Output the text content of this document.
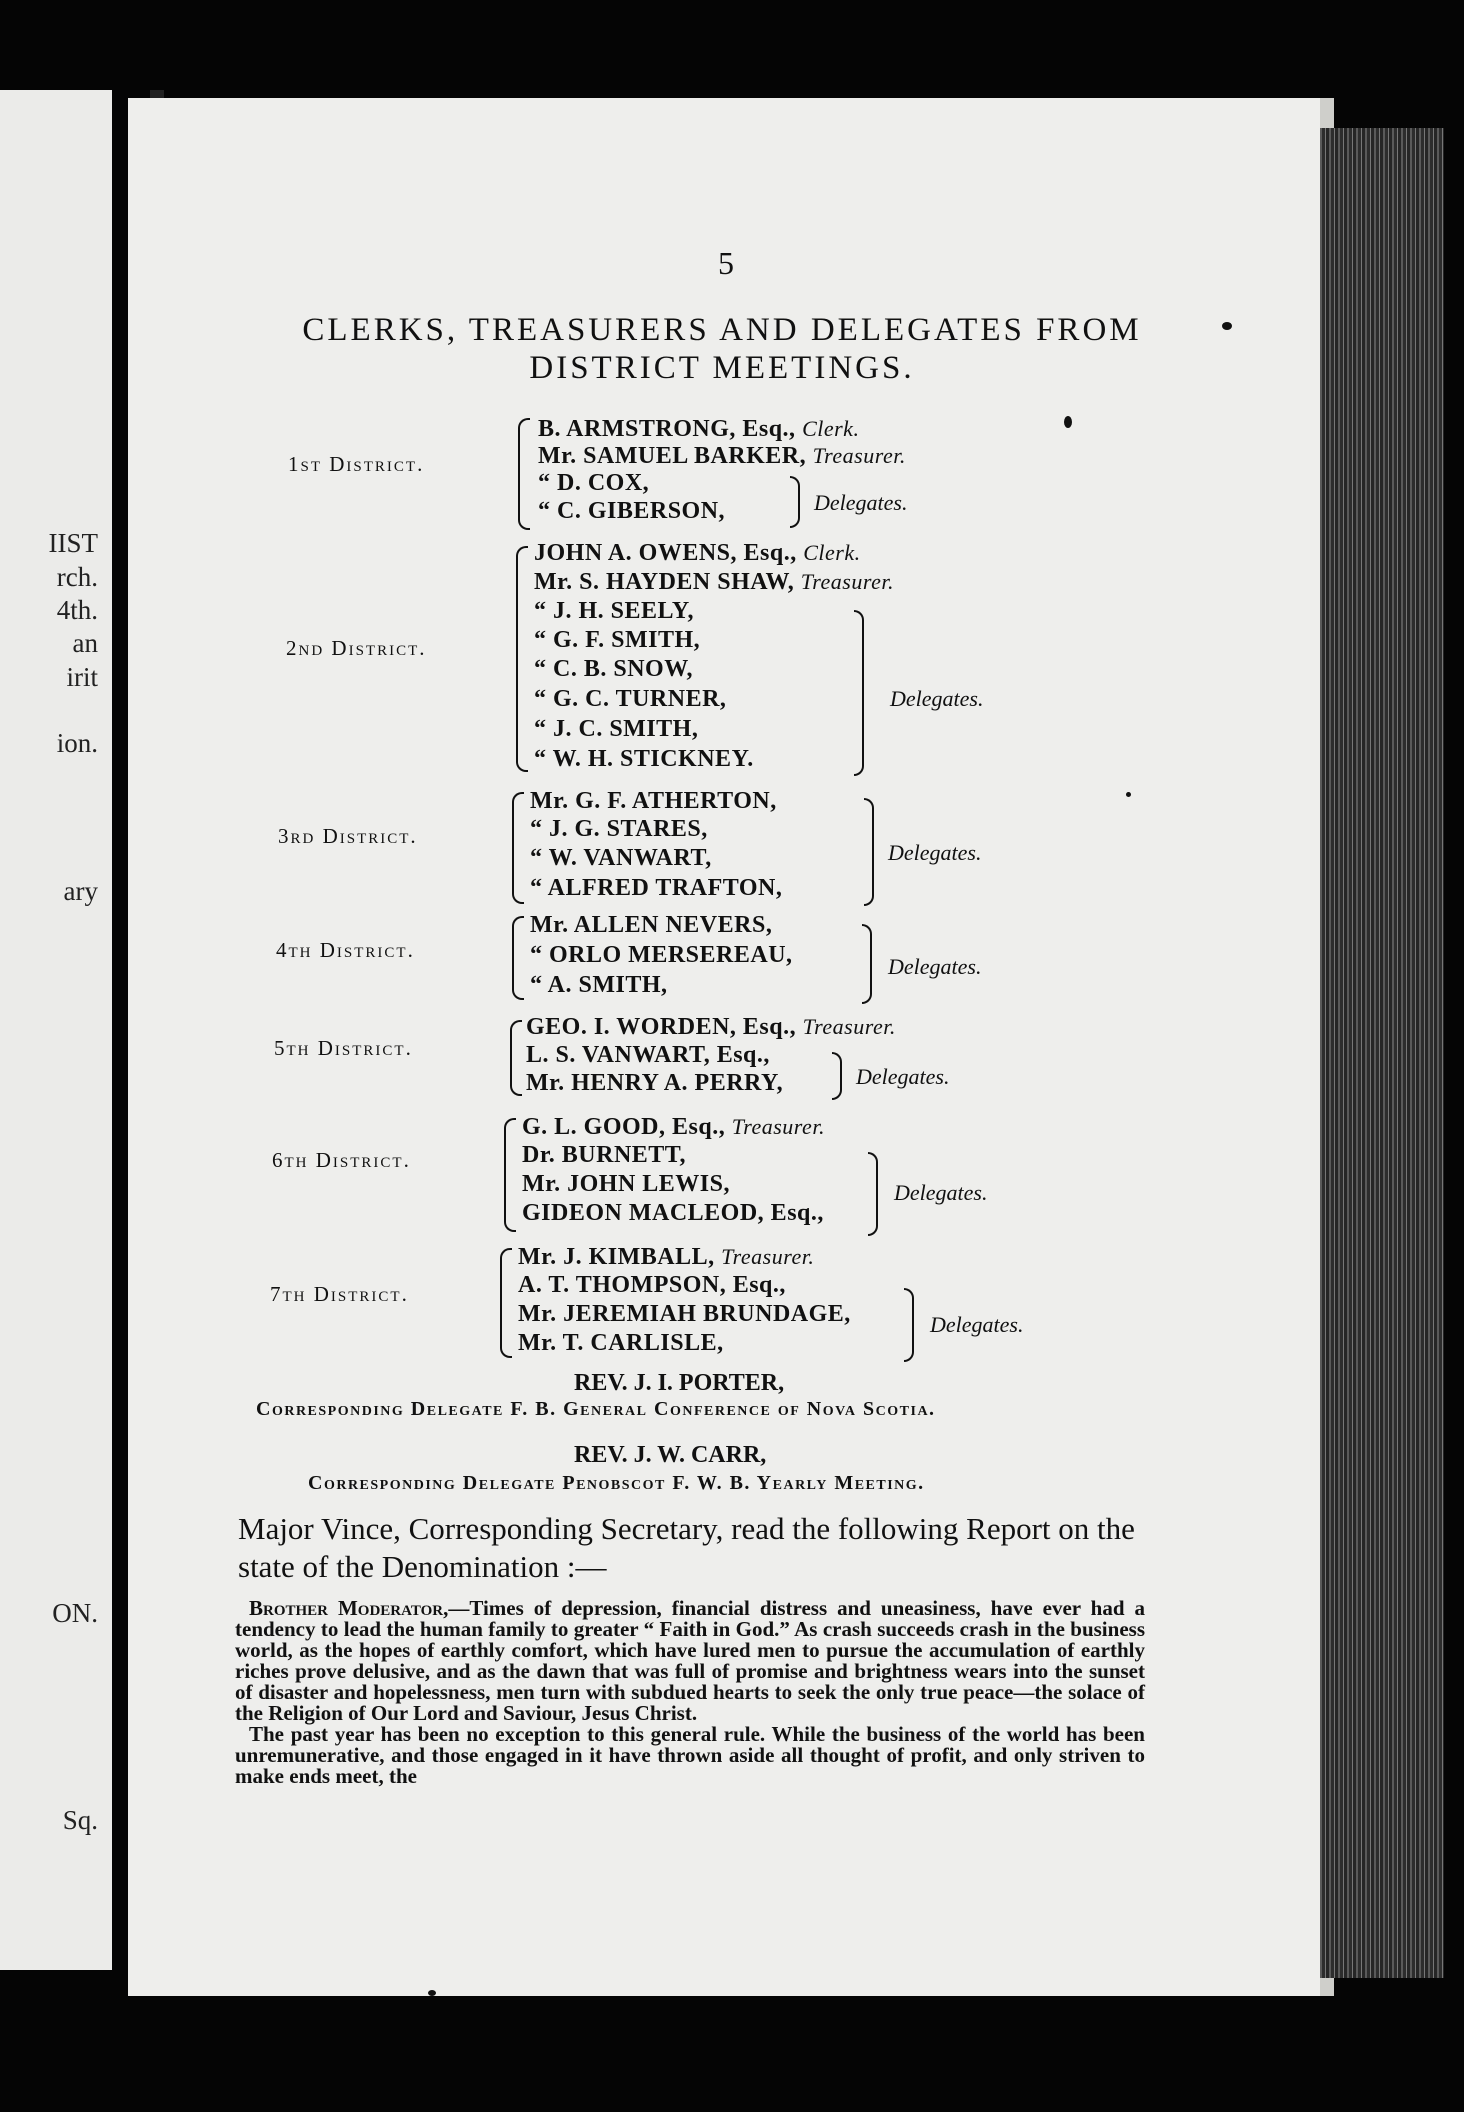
IIST
rch.
4th.
an
irit
ion.
ary
ON.
Sq.
5
CLERKS, TREASURERS AND DELEGATES FROM
DISTRICT MEETINGS.
1st District.
B. ARMSTRONG, Esq., Clerk.
Mr. SAMUEL BARKER, Treasurer.
“ D. COX,
“ C. GIBERSON,	Delegates.
2nd District.
JOHN A. OWENS, Esq., Clerk.
Mr. S. HAYDEN SHAW, Treasurer.
“ J. H. SEELY,
“ G. F. SMITH,
“ C. B. SNOW,
“ G. C. TURNER,
“ J. C. SMITH,
“ W. H. STICKNEY.
Delegates.
3rd District.
Mr. G. F. ATHERTON,
“ J. G. STARES,
“ W. VANWART,
“ ALFRED TRAFTON,
Delegates.
4th District.
Mr. ALLEN NEVERS,
“ ORLO MERSEREAU,
“ A. SMITH,
Delegates.
5th District.
GEO. I. WORDEN, Esq., Treasurer.
L. S. VANWART, Esq.,
Mr. HENRY A. PERRY,	Delegates.
6th District.
G. L. GOOD, Esq., Treasurer.
Dr. BURNETT,
Mr. JOHN LEWIS,
GIDEON MACLEOD, Esq.,
Delegates.
7th District.
Mr. J. KIMBALL, Treasurer.
A. T. THOMPSON, Esq.,
Mr. JEREMIAH BRUNDAGE,
Mr. T. CARLISLE,
Delegates.
REV. J. I. PORTER,
Corresponding Delegate F. B. General Conference of Nova Scotia.
REV. J. W. CARR,
Corresponding Delegate Penobscot F. W. B. Yearly Meeting.
Major Vince, Corresponding Secretary, read the following Report on the state of the Denomination :—

Brother Moderator,—Times of depression, financial distress and uneasiness, have ever had a tendency to lead the human family to greater “ Faith in God.” As crash succeeds crash in the business world, as the hopes of earthly comfort, which have lured men to pursue the accumulation of earthly riches prove delusive, and as the dawn that was full of promise and brightness wears into the sunset of disaster and hopelessness, men turn with subdued hearts to seek the only true peace—the solace of the Religion of Our Lord and Saviour, Jesus Christ.

The past year has been no exception to this general rule. While the business of the world has been unremunerative, and those engaged in it have thrown aside all thought of profit, and only striven to make ends meet, the
